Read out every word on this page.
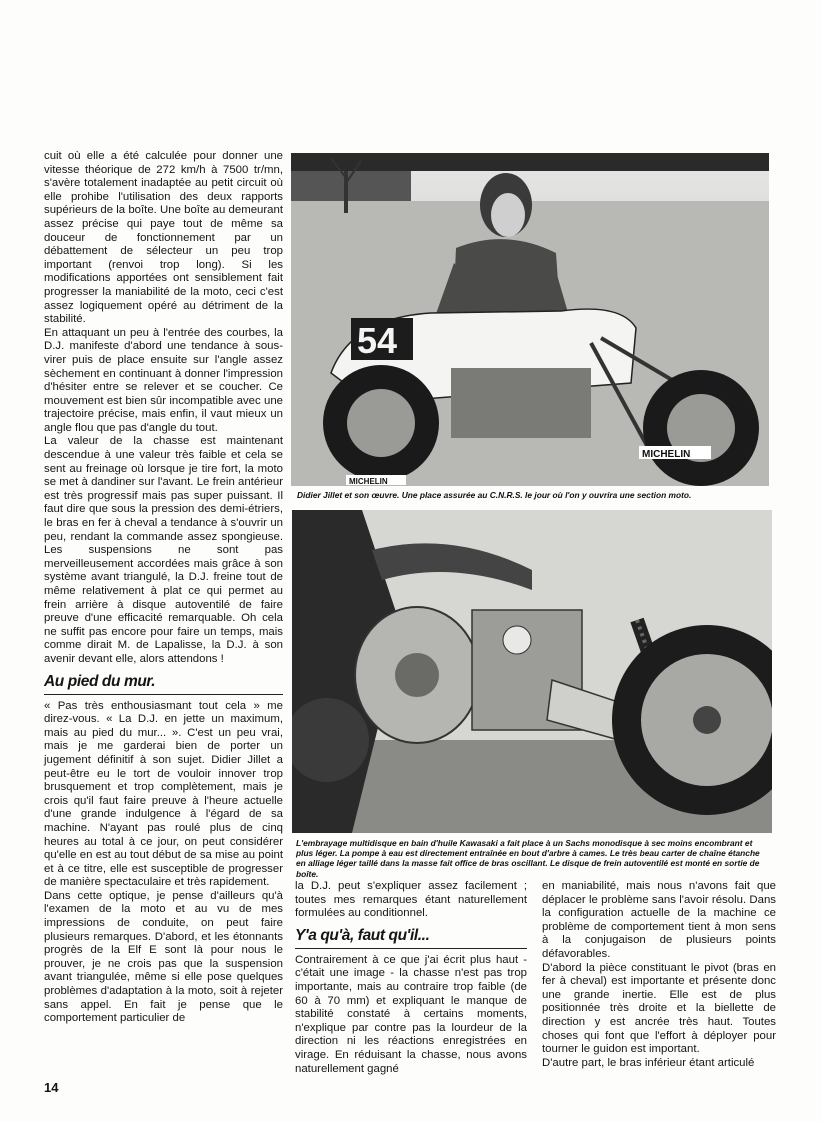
cuit où elle a été calculée pour donner une vitesse théorique de 272 km/h à 7500 tr/mn, s'avère totalement inadaptée au petit circuit où elle prohibe l'utilisation des deux rapports supérieurs de la boîte. Une boîte au demeurant assez précise qui paye tout de même sa douceur de fonctionnement par un débattement de sélecteur un peu trop important (renvoi trop long). Si les modifications apportées ont sensiblement fait progresser la maniabilité de la moto, ceci c'est assez logiquement opéré au détriment de la stabilité.

En attaquant un peu à l'entrée des courbes, la D.J. manifeste d'abord une tendance à sous-virer puis de place ensuite sur l'angle assez sèchement en continuant à donner l'impression d'hésiter entre se relever et se coucher. Ce mouvement est bien sûr incompatible avec une trajectoire précise, mais enfin, il vaut mieux un angle flou que pas d'angle du tout.

La valeur de la chasse est maintenant descendue à une valeur très faible et cela se sent au freinage où lorsque je tire fort, la moto se met à dandiner sur l'avant. Le frein antérieur est très progressif mais pas super puissant. Il faut dire que sous la pression des demi-étriers, le bras en fer à cheval a tendance à s'ouvrir un peu, rendant la commande assez spongieuse. Les suspensions ne sont pas merveilleusement accordées mais grâce à son système avant triangulé, la D.J. freine tout de même relativement à plat ce qui permet au frein arrière à disque autoventilé de faire preuve d'une efficacité remarquable. Oh cela ne suffit pas encore pour faire un temps, mais comme dirait M. de Lapalisse, la D.J. à son avenir devant elle, alors attendons !

Au pied du mur.

« Pas très enthousiasmant tout cela » me direz-vous. « La D.J. en jette un maximum, mais au pied du mur... ». C'est un peu vrai, mais je me garderai bien de porter un jugement définitif à son sujet. Didier Jillet a peut-être eu le tort de vouloir innover trop brusquement et trop complètement, mais je crois qu'il faut faire preuve à l'heure actuelle d'une grande indulgence à l'égard de sa machine. N'ayant pas roulé plus de cinq heures au total à ce jour, on peut considérer qu'elle en est au tout début de sa mise au point et à ce titre, elle est susceptible de progresser de manière spectaculaire et très rapidement.

Dans cette optique, je pense d'ailleurs qu'à l'examen de la moto et au vu de mes impressions de conduite, on peut faire plusieurs remarques. D'abord, et les étonnants progrès de la Elf E sont là pour nous le prouver, je ne crois pas que la suspension avant triangulée, même si elle pose quelques problèmes d'adaptation à la moto, soit à rejeter sans appel. En fait je pense que le comportement particulier de

54
MICHELIN
MICHELIN
Didier Jillet et son œuvre. Une place assurée au C.N.R.S. le jour où l'on y ouvrira une section moto.
L'embrayage multidisque en bain d'huile Kawasaki a fait place à un Sachs monodisque à sec moins encombrant et plus léger. La pompe à eau est directement entraînée en bout d'arbre à cames. Le très beau carter de chaîne étanche en alliage léger taillé dans la masse fait office de bras oscillant. Le disque de frein autoventilé est monté en sortie de boîte.

la D.J. peut s'expliquer assez facilement ; toutes mes remarques étant naturellement formulées au conditionnel.

Y'a qu'à, faut qu'il...

Contrairement à ce que j'ai écrit plus haut - c'était une image - la chasse n'est pas trop importante, mais au contraire trop faible (de 60 à 70 mm) et expliquant le manque de stabilité constaté à certains moments, n'explique par contre pas la lourdeur de la direction ni les réactions enregistrées en virage. En réduisant la chasse, nous avons naturellement gagné

en maniabilité, mais nous n'avons fait que déplacer le problème sans l'avoir résolu. Dans la configuration actuelle de la machine ce problème de comportement tient à mon sens à la conjugaison de plusieurs points défavorables.

D'abord la pièce constituant le pivot (bras en fer à cheval) est importante et présente donc une grande inertie. Elle est de plus positionnée très droite et la biellette de direction y est ancrée très haut. Toutes choses qui font que l'effort à déployer pour tourner le guidon est important.

D'autre part, le bras inférieur étant articulé

14
